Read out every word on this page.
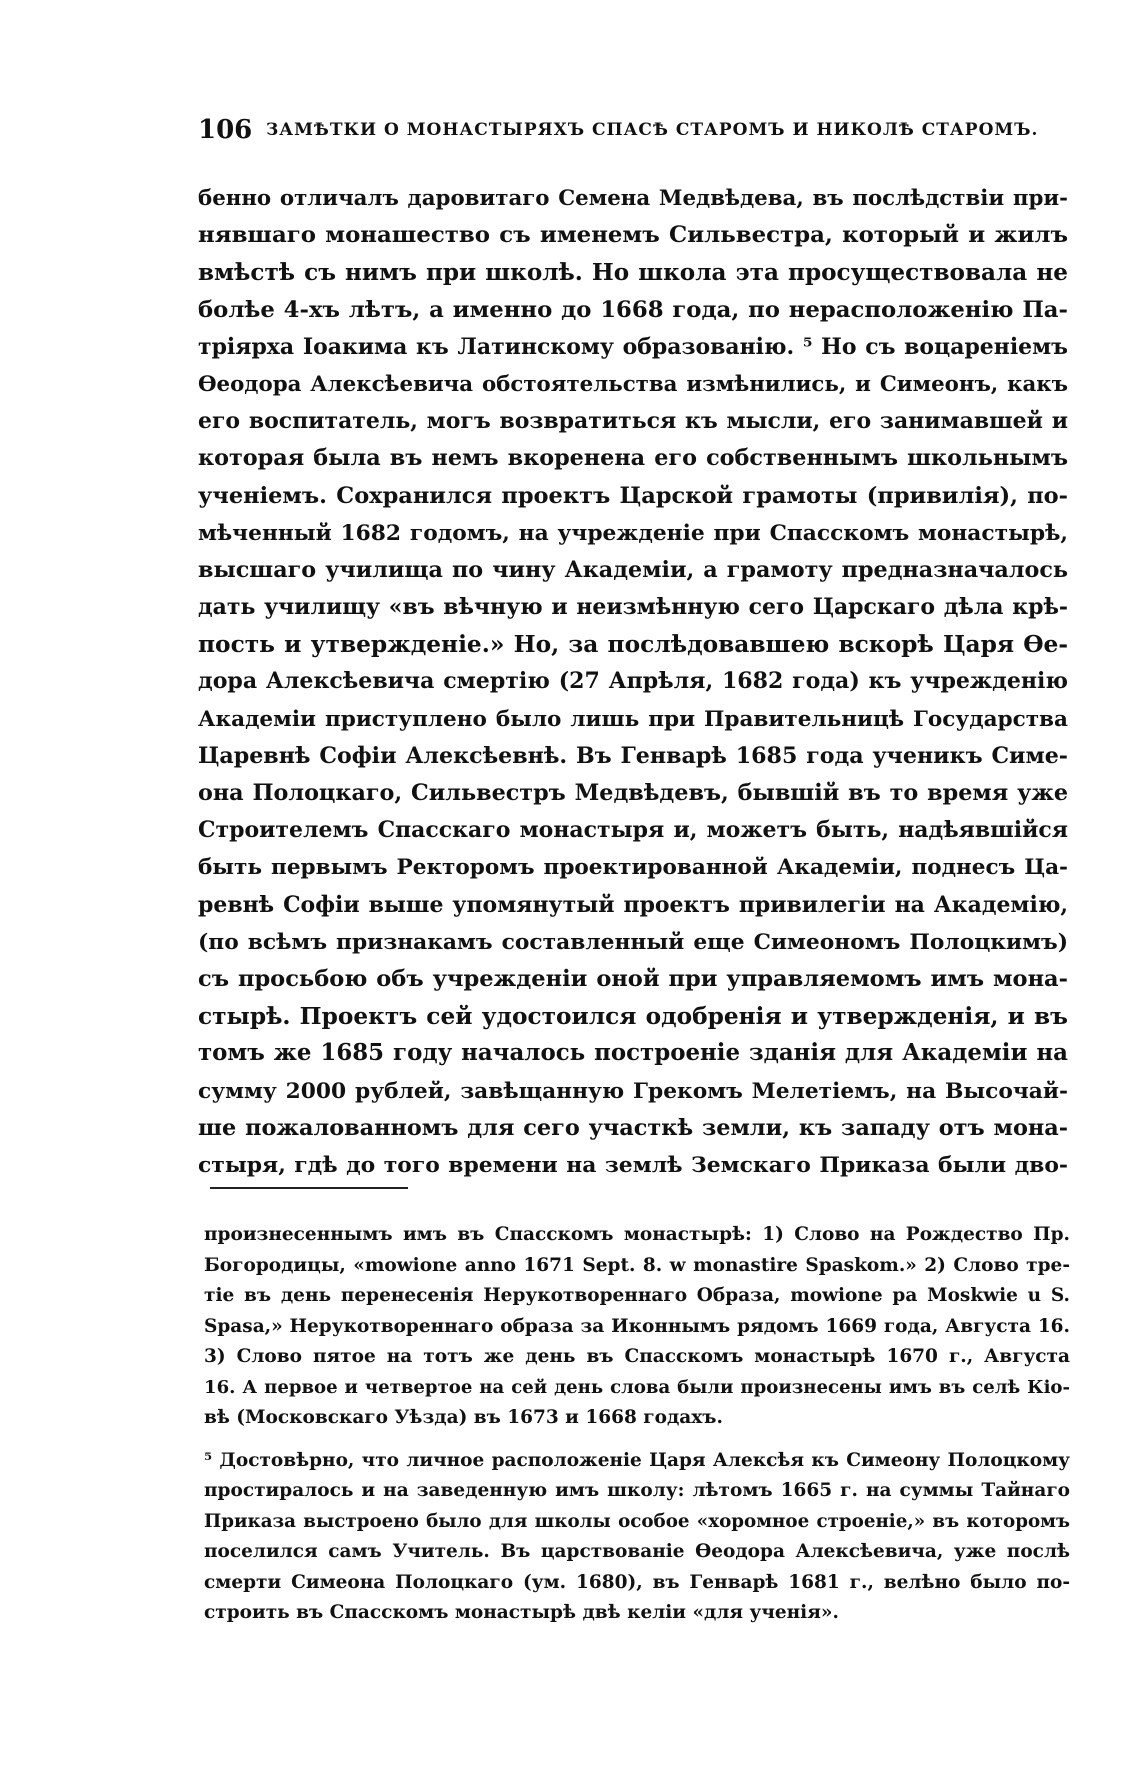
106 ЗАМѢТКИ О МОНАСТЫРЯХЪ СПАСѢ СТАРОМЪ И НИКОЛѢ СТАРОМЪ.
бенно отличалъ даровитаго Семена Медвѣдева, въ послѣдствіи при-
нявшаго монашество съ именемъ Сильвестра, который и жилъ
вмѣстѣ съ нимъ при школѣ. Но школа эта просуществовала не
болѣе 4-хъ лѣтъ, а именно до 1668 года, по нерасположенію Па-
тріярха Іоакима къ Латинскому образованію. ⁵ Но съ воцареніемъ
Ѳеодора Алексѣевича обстоятельства измѣнились, и Симеонъ, какъ
его воспитатель, могъ возвратиться къ мысли, его занимавшей и
которая была въ немъ вкоренена его собственнымъ школьнымъ
ученіемъ. Сохранился проектъ Царской грамоты (привилія), по-
мѣченный 1682 годомъ, на учрежденіе при Спасскомъ монастырѣ,
высшаго училища по чину Академіи, а грамоту предназначалось
дать училищу «въ вѣчную и неизмѣнную сего Царскаго дѣла крѣ-
пость и утвержденіе.» Но, за послѣдовавшею вскорѣ Царя Ѳе-
дора Алексѣевича смертію (27 Апрѣля, 1682 года) къ учрежденію
Академіи приступлено было лишь при Правительницѣ Государства
Царевнѣ Софіи Алексѣевнѣ. Въ Генварѣ 1685 года ученикъ Симе-
она Полоцкаго, Сильвестръ Медвѣдевъ, бывшій въ то время уже
Строителемъ Спасскаго монастыря и, можетъ быть, надѣявшійся
быть первымъ Ректоромъ проектированной Академіи, поднесъ Ца-
ревнѣ Софіи выше упомянутый проектъ привилегіи на Академію,
(по всѣмъ признакамъ составленный еще Симеономъ Полоцкимъ)
съ просьбою объ учрежденіи оной при управляемомъ имъ мона-
стырѣ. Проектъ сей удостоился одобренія и утвержденія, и въ
томъ же 1685 году началось построеніе зданія для Академіи на
сумму 2000 рублей, завѣщанную Грекомъ Мелетіемъ, на Высочай-
ше пожалованномъ для сего участкѣ земли, къ западу отъ мона-
стыря, гдѣ до того времени на землѣ Земскаго Приказа были дво-
произнесеннымъ имъ въ Спасскомъ монастырѣ: 1) Слово на Рождество Пр.
Богородицы, «mowione anno 1671 Sept. 8. w monastire Spaskom.» 2) Слово тре-
тіе въ день перенесенія Нерукотвореннаго Образа, mowione pa Moskwie u S.
Spasa,» Нерукотвореннаго образа за Иконнымъ рядомъ 1669 года, Августа 16.
3) Слово пятое на тотъ же день въ Спасскомъ монастырѣ 1670 г., Августа
16. А первое и четвертое на сей день слова были произнесены имъ въ селѣ Кіо-
вѣ (Московскаго Уѣзда) въ 1673 и 1668 годахъ.
⁵ Достовѣрно, что личное расположеніе Царя Алексѣя къ Симеону Полоцкому
простиралось и на заведенную имъ школу: лѣтомъ 1665 г. на суммы Тайнаго
Приказа выстроено было для школы особое «хоромное строеніе,» въ которомъ
поселился самъ Учитель. Въ царствованіе Ѳеодора Алексѣевича, уже послѣ
смерти Симеона Полоцкаго (ум. 1680), въ Генварѣ 1681 г., велѣно было по-
строить въ Спасскомъ монастырѣ двѣ келіи «для ученія».
